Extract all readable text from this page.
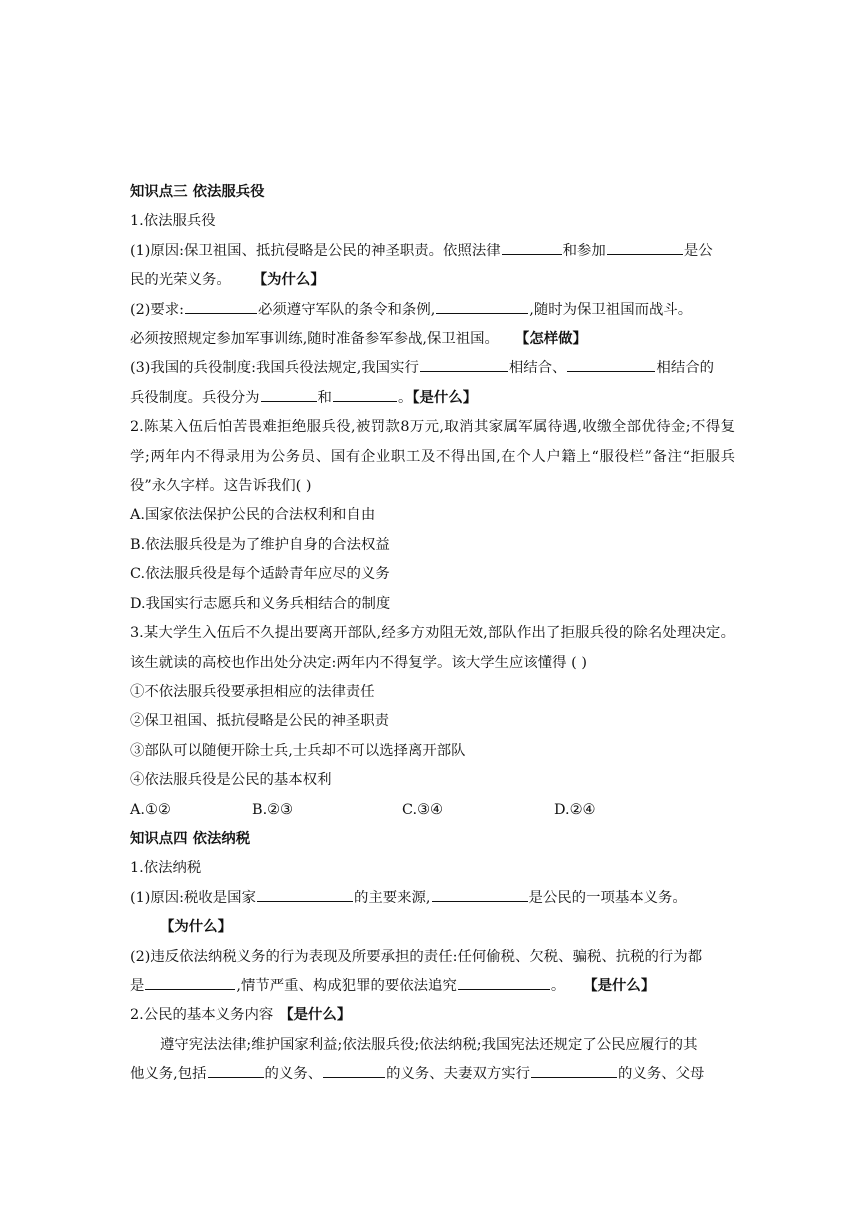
知识点三 依法服兵役
1.依法服兵役
(1)原因:保卫祖国、抵抗侵略是公民的神圣职责。依照法律	和参加	是公
民的光荣义务。 【为什么】
(2)要求:	必须遵守军队的条令和条例,	,随时为保卫祖国而战斗。
必须按照规定参加军事训练,随时准备参军参战,保卫祖国。 【怎样做】
(3)我国的兵役制度:我国兵役法规定,我国实行	相结合、	相结合的
兵役制度。兵役分为	和	。【是什么】
2.陈某入伍后怕苦畏难拒绝服兵役,被罚款8万元,取消其家属军属待遇,收缴全部优待金;不得复学;两年内不得录用为公务员、国有企业职工及不得出国,在个人户籍上“服役栏”备注“拒服兵役”永久字样。这告诉我们( )
A.国家依法保护公民的合法权利和自由
B.依法服兵役是为了维护自身的合法权益
C.依法服兵役是每个适龄青年应尽的义务
D.我国实行志愿兵和义务兵相结合的制度
3.某大学生入伍后不久提出要离开部队,经多方劝阻无效,部队作出了拒服兵役的除名处理决定。该生就读的高校也作出处分决定:两年内不得复学。该大学生应该懂得 ( )
①不依法服兵役要承担相应的法律责任
②保卫祖国、抵抗侵略是公民的神圣职责
③部队可以随便开除士兵,士兵却不可以选择离开部队
④依法服兵役是公民的基本权利
A.①②	B.②③	C.③④	D.②④
知识点四 依法纳税
1.依法纳税
(1)原因:税收是国家	的主要来源,	是公民的一项基本义务。
【为什么】
(2)违反依法纳税义务的行为表现及所要承担的责任:任何偷税、欠税、骗税、抗税的行为都
是	,情节严重、构成犯罪的要依法追究	。 【是什么】
2.公民的基本义务内容 【是什么】
遵守宪法法律;维护国家利益;依法服兵役;依法纳税;我国宪法还规定了公民应履行的其
他义务,包括	的义务、	的义务、夫妻双方实行	的义务、父母
